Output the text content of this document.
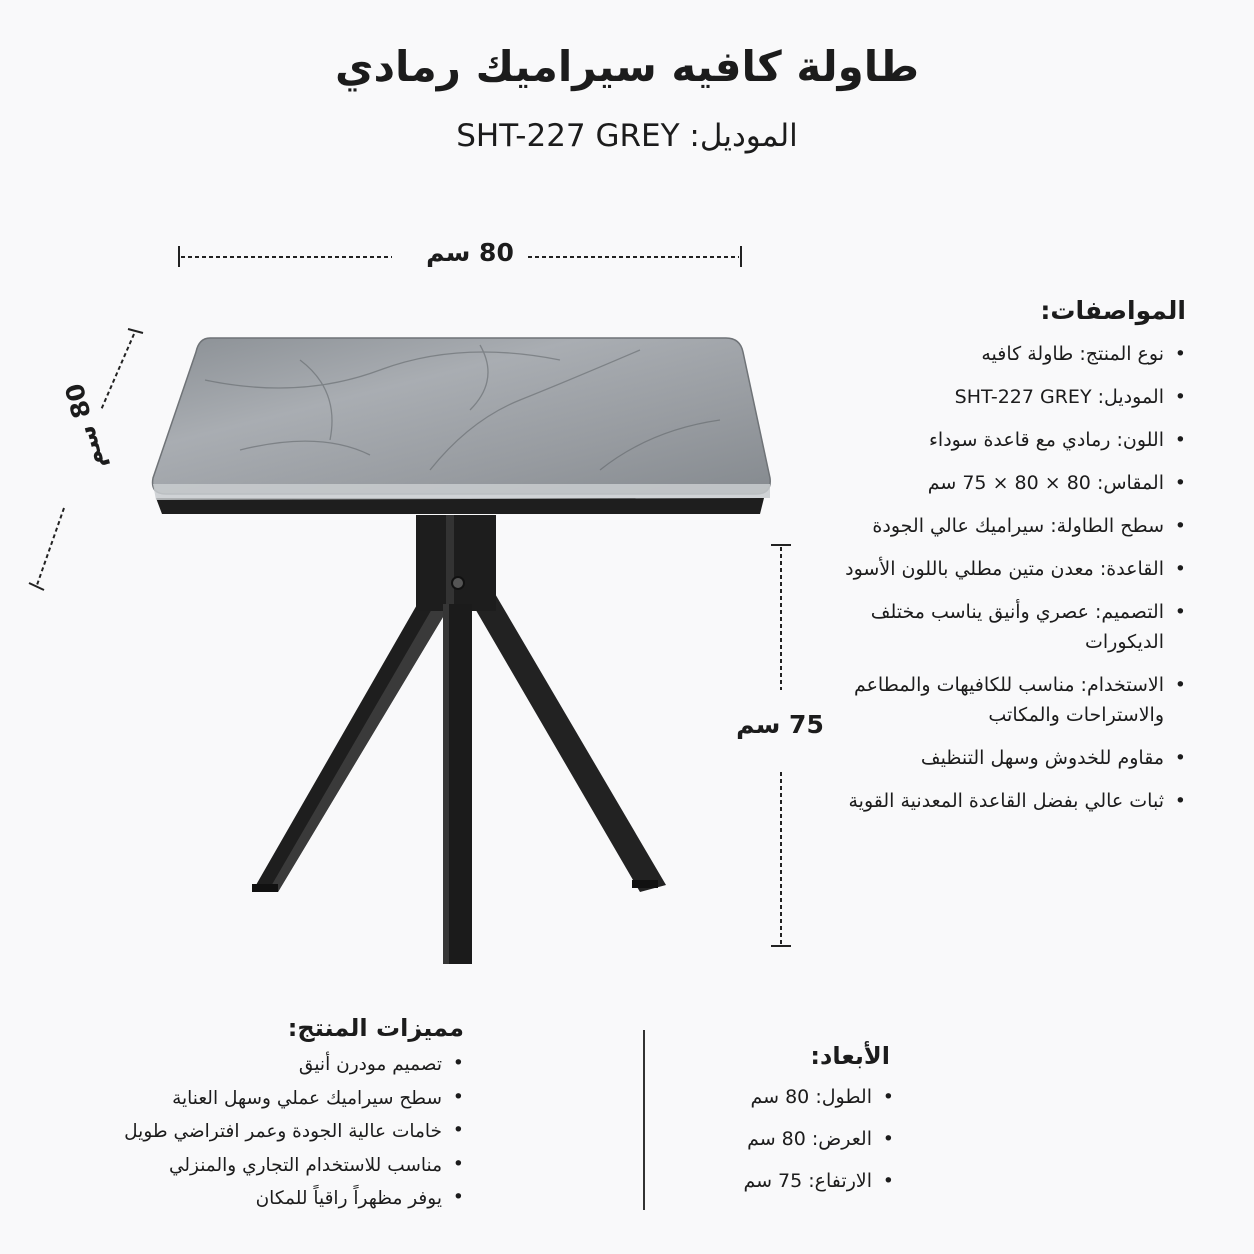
طاولة كافيه سيراميك رمادي
الموديل: SHT-227 GREY
80 سم
80 سم
75 سم
المواصفات:
•
نوع المنتج: طاولة كافيه
•
الموديل: SHT-227 GREY
•
اللون: رمادي مع قاعدة سوداء
•
المقاس: 80 × 80 × 75 سم
•
سطح الطاولة: سيراميك عالي الجودة
•
القاعدة: معدن متين مطلي باللون الأسود
•
التصميم: عصري وأنيق يناسب مختلف الديكورات
•
الاستخدام: مناسب للكافيهات والمطاعم والاستراحات والمكاتب
•
مقاوم للخدوش وسهل التنظيف
•
ثبات عالي بفضل القاعدة المعدنية القوية
مميزات المنتج:
•
تصميم مودرن أنيق
•
سطح سيراميك عملي وسهل العناية
•
خامات عالية الجودة وعمر افتراضي طويل
•
مناسب للاستخدام التجاري والمنزلي
•
يوفر مظهراً راقياً للمكان
الأبعاد:
•
الطول: 80 سم
•
العرض: 80 سم
•
الارتفاع: 75 سم
